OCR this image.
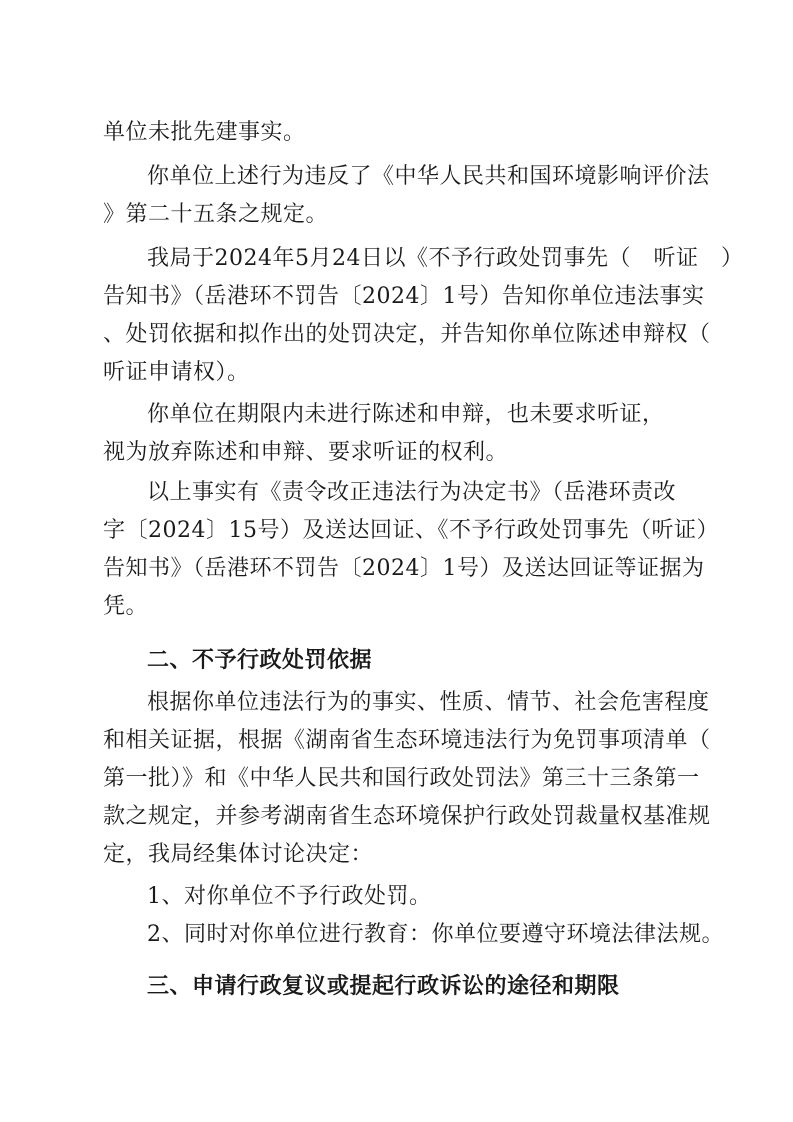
单位未批先建事实。
你单位上述行为违反了《中华人民共和国环境影响评价法
》第二十五条之规定。
我局于2024年5月24日以《不予行政处罚事先（　听证　）
告知书》（岳港环不罚告〔2024〕1号）告知你单位违法事实
、处罚依据和拟作出的处罚决定，并告知你单位陈述申辩权（
听证申请权）。
你单位在期限内未进行陈述和申辩，也未要求听证，
视为放弃陈述和申辩、要求听证的权利。
以上事实有《责令改正违法行为决定书》（岳港环责改
字〔2024〕15号）及送达回证、《不予行政处罚事先（听证）
告知书》（岳港环不罚告〔2024〕1号）及送达回证等证据为
凭。
二、不予行政处罚依据
根据你单位违法行为的事实、性质、情节、社会危害程度
和相关证据，根据《湖南省生态环境违法行为免罚事项清单（
第一批）》和《中华人民共和国行政处罚法》第三十三条第一
款之规定，并参考湖南省生态环境保护行政处罚裁量权基准规
定，我局经集体讨论决定：
1、对你单位不予行政处罚。
2、同时对你单位进行教育：你单位要遵守环境法律法规。
三、申请行政复议或提起行政诉讼的途径和期限
